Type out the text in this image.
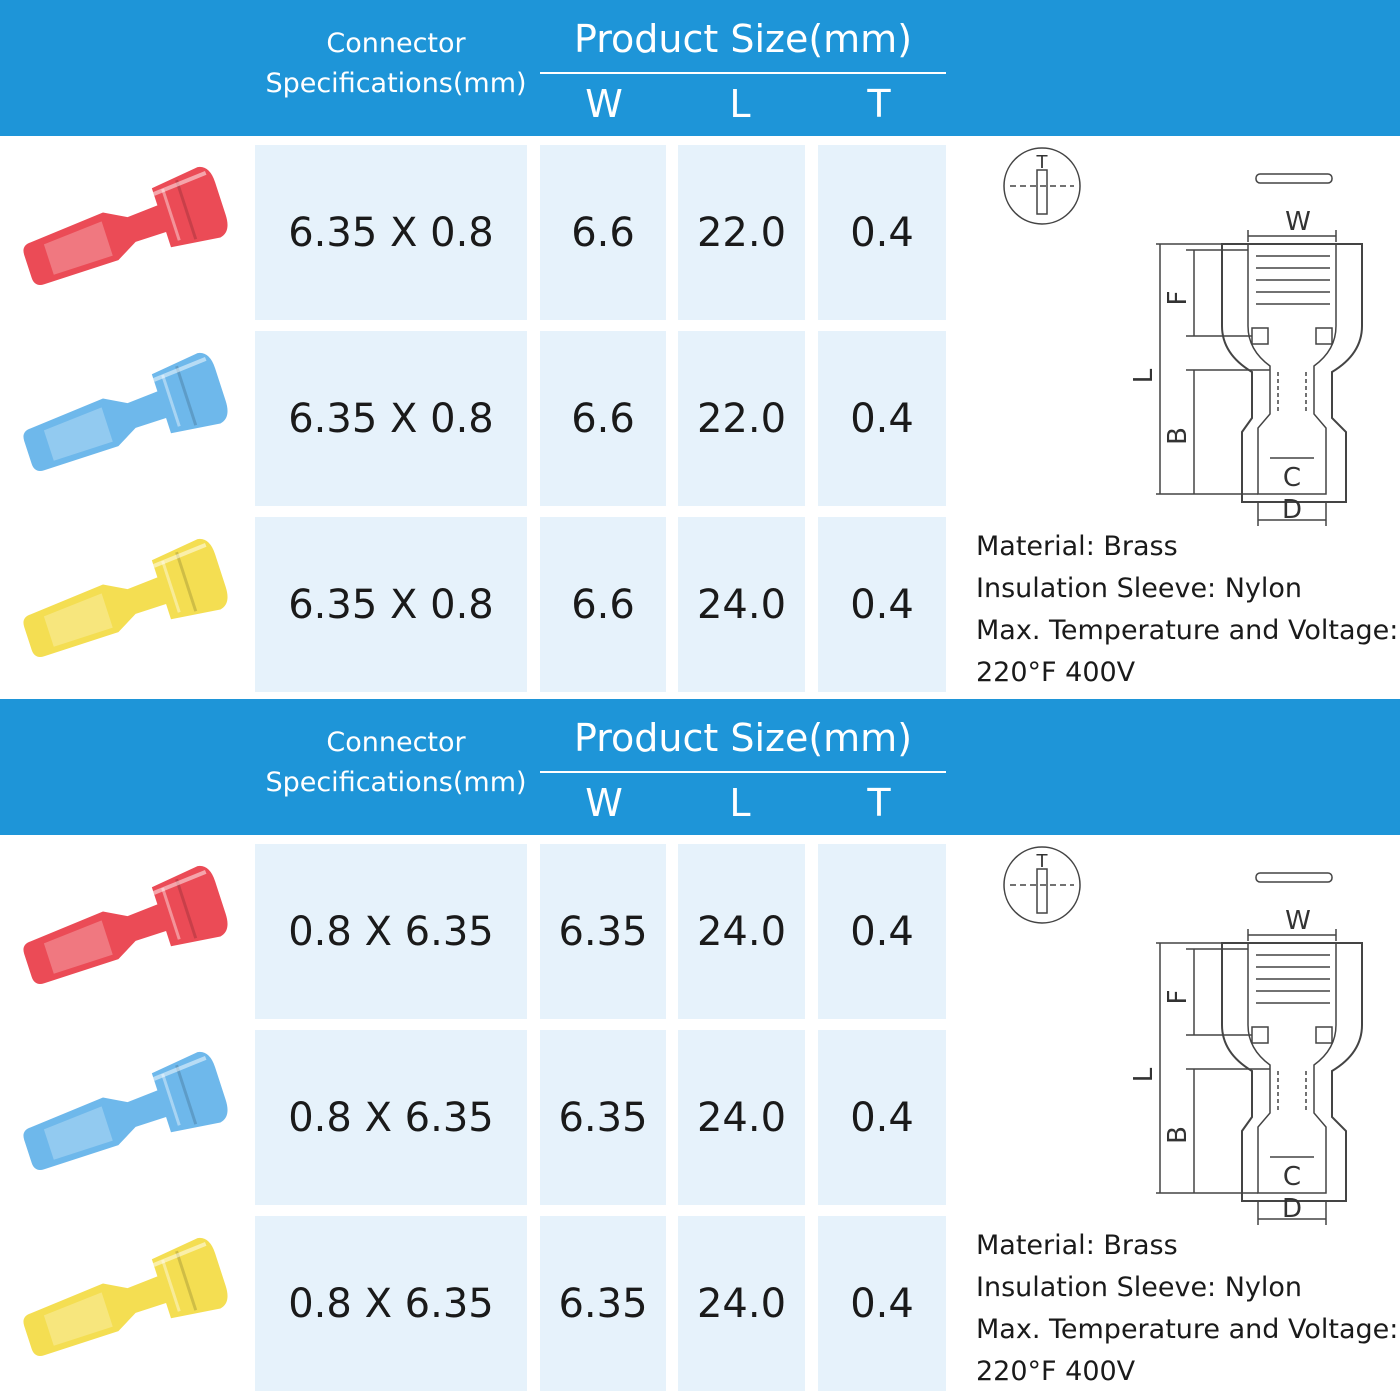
Connector
Specifications(mm)
Product Size(mm)
W	L	T
6.35 X 0.8	6.6	22.0	0.4
6.35 X 0.8	6.6	22.0	0.4
6.35 X 0.8	6.6	24.0	0.4
T
W
F
L
B
C
D
Material: Brass
Insulation Sleeve: Nylon
Max. Temperature and Voltage:
220°F 400V
Connector
Specifications(mm)
Product Size(mm)
W	L	T
0.8 X 6.35	6.35	24.0	0.4
0.8 X 6.35	6.35	24.0	0.4
0.8 X 6.35	6.35	24.0	0.4
T
W
F
L
B
C
D
Material: Brass
Insulation Sleeve: Nylon
Max. Temperature and Voltage:
220°F 400V
